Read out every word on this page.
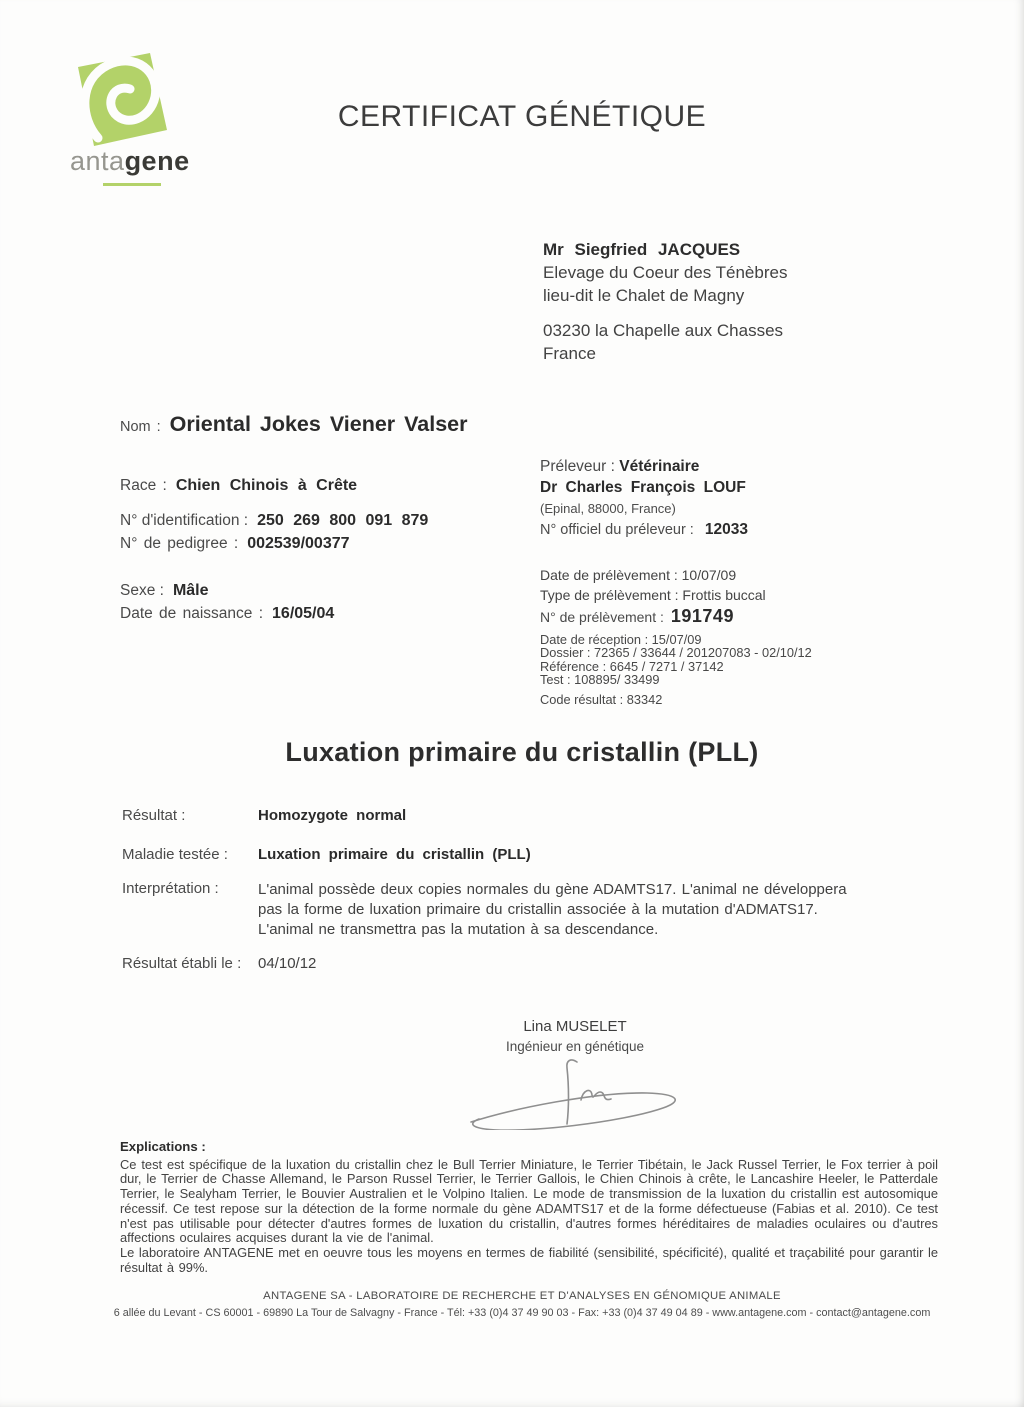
antagene
CERTIFICAT GÉNÉTIQUE
Mr Siegfried JACQUES
Elevage du Coeur des Ténèbres
lieu-dit le Chalet de Magny
03230 la Chapelle aux Chasses
France
Nom : Oriental Jokes Viener Valser
Race : Chien Chinois à Crête
N° d'identification : 250 269 800 091 879
N° de pedigree : 002539/00377
Sexe : Mâle
Date de naissance : 16/05/04
Préleveur : Vétérinaire
Dr Charles François LOUF
(Epinal, 88000, France)
N° officiel du préleveur : 12033
Date de prélèvement : 10/07/09
Type de prélèvement : Frottis buccal
N° de prélèvement : 191749
Date de réception : 15/07/09
Dossier : 72365 / 33644 / 201207083 - 02/10/12
Référence : 6645 / 7271 / 37142
Test : 108895/ 33499
Code résultat : 83342
Luxation primaire du cristallin (PLL)
Résultat :	Homozygote normal
Maladie testée :	Luxation primaire du cristallin (PLL)
Interprétation :	L'animal possède deux copies normales du gène ADAMTS17. L'animal ne développera pas la forme de luxation primaire du cristallin associée à la mutation d'ADMATS17. L'animal ne transmettra pas la mutation à sa descendance.
Résultat établi le :	04/10/12
Lina MUSELET
Ingénieur en génétique
Explications :
Ce test est spécifique de la luxation du cristallin chez le Bull Terrier Miniature, le Terrier Tibétain, le Jack Russel Terrier, le Fox terrier à poil dur, le Terrier de Chasse Allemand, le Parson Russel Terrier, le Terrier Gallois, le Chien Chinois à crête, le Lancashire Heeler, le Patterdale Terrier, le Sealyham Terrier, le Bouvier Australien et le Volpino Italien. Le mode de transmission de la luxation du cristallin est autosomique récessif. Ce test repose sur la détection de la forme normale du gène ADAMTS17 et de la forme défectueuse (Fabias et al. 2010). Ce test n'est pas utilisable pour détecter d'autres formes de luxation du cristallin, d'autres formes héréditaires de maladies oculaires ou d'autres affections oculaires acquises durant la vie de l'animal.
Le laboratoire ANTAGENE met en oeuvre tous les moyens en termes de fiabilité (sensibilité, spécificité), qualité et traçabilité pour garantir le résultat à 99%.
ANTAGENE SA - LABORATOIRE DE RECHERCHE ET D'ANALYSES EN GÉNOMIQUE ANIMALE
6 allée du Levant - CS 60001 - 69890 La Tour de Salvagny - France - Tél: +33 (0)4 37 49 90 03 - Fax: +33 (0)4 37 49 04 89 - www.antagene.com - contact@antagene.com
